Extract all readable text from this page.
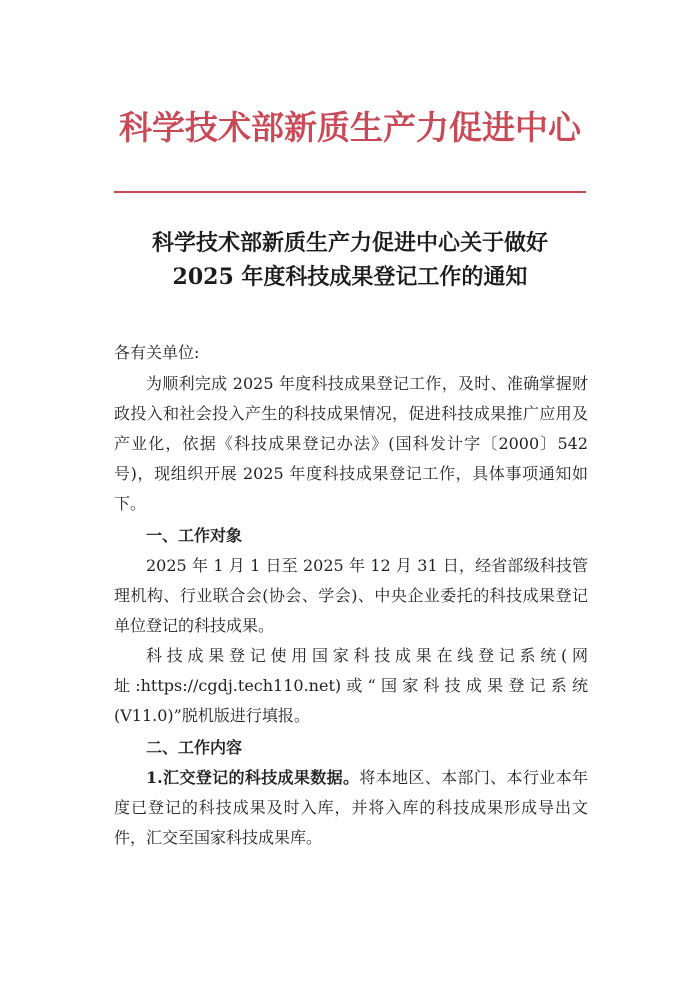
科学技术部新质生产力促进中心
科学技术部新质生产力促进中心关于做好
2025 年度科技成果登记工作的通知

各有关单位:

为顺利完成 2025 年度科技成果登记工作，及时、准确掌握财政投入和社会投入产生的科技成果情况，促进科技成果推广应用及产业化，依据《科技成果登记办法》(国科发计字〔2000〕542 号)，现组织开展 2025 年度科技成果登记工作，具体事项通知如下。

一、工作对象

2025 年 1 月 1 日至 2025 年 12 月 31 日，经省部级科技管理机构、行业联合会(协会、学会)、中央企业委托的科技成果登记单位登记的科技成果。

科技成果登记使用国家科技成果在线登记系统(网址:https://cgdj.tech110.net)或“国家科技成果登记系统(V11.0)”脱机版进行填报。

二、工作内容

1.汇交登记的科技成果数据。将本地区、本部门、本行业本年度已登记的科技成果及时入库，并将入库的科技成果形成导出文件，汇交至国家科技成果库。
